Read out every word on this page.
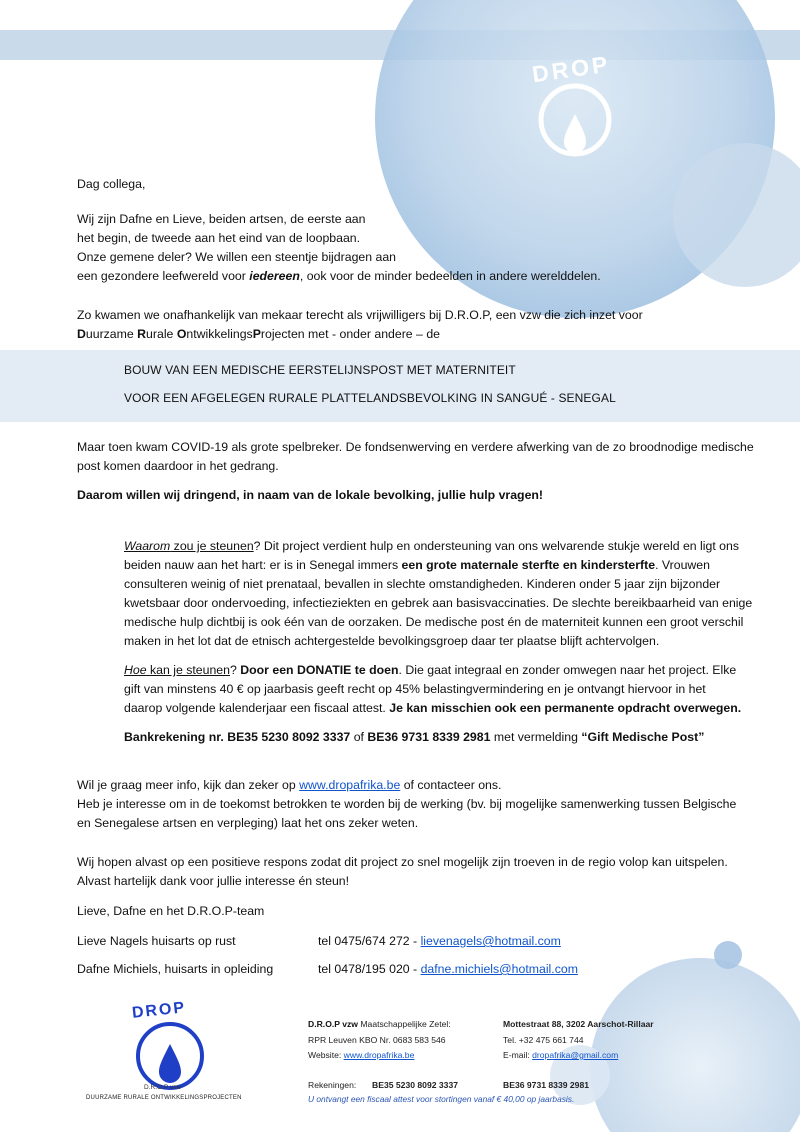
DROP
Dag collega,
Wij zijn Dafne en Lieve, beiden artsen, de eerste aan
het begin, de tweede aan het eind van de loopbaan.
Onze gemene deler? We willen een steentje bijdragen aan
een gezondere leefwereld voor iedereen, ook voor de minder bedeelden in andere werelddelen.
Zo kwamen we onafhankelijk van mekaar terecht als vrijwilligers bij D.R.O.P, een vzw die zich inzet voor
Duurzame Rurale OntwikkelingsProjecten met - onder andere – de
BOUW VAN EEN MEDISCHE EERSTELIJNSPOST MET MATERNITEIT
VOOR EEN AFGELEGEN RURALE PLATTELANDSBEVOLKING IN SANGUÉ - SENEGAL
Maar toen kwam COVID-19 als grote spelbreker. De fondsenwerving en verdere afwerking van de zo broodnodige medische
post komen daardoor in het gedrang.
Daarom willen wij dringend, in naam van de lokale bevolking, jullie hulp vragen!
Waarom zou je steunen? Dit project verdient hulp en ondersteuning van ons welvarende stukje wereld en ligt ons
beiden nauw aan het hart: er is in Senegal immers een grote maternale sterfte en kindersterfte. Vrouwen
consulteren weinig of niet prenataal, bevallen in slechte omstandigheden. Kinderen onder 5 jaar zijn bijzonder
kwetsbaar door ondervoeding, infectieziekten en gebrek aan basisvaccinaties. De slechte bereikbaarheid van enige
medische hulp dichtbij is ook één van de oorzaken. De medische post én de materniteit kunnen een groot verschil
maken in het lot dat de etnisch achtergestelde bevolkingsgroep daar ter plaatse blijft achtervolgen.
Hoe kan je steunen? Door een DONATIE te doen. Die gaat integraal en zonder omwegen naar het project. Elke
gift van minstens 40 € op jaarbasis geeft recht op 45% belastingvermindering en je ontvangt hiervoor in het
daarop volgende kalenderjaar een fiscaal attest. Je kan misschien ook een permanente opdracht overwegen.
Bankrekening nr. BE35 5230 8092 3337 of BE36 9731 8339 2981 met vermelding “Gift Medische Post”
Wil je graag meer info, kijk dan zeker op www.dropafrika.be of contacteer ons.
Heb je interesse om in de toekomst betrokken te worden bij de werking (bv. bij mogelijke samenwerking tussen Belgische
en Senegalese artsen en verpleging) laat het ons zeker weten.
Wij hopen alvast op een positieve respons zodat dit project zo snel mogelijk zijn troeven in de regio volop kan uitspelen.
Alvast hartelijk dank voor jullie interesse én steun!
Lieve, Dafne en het D.R.O.P-team
Lieve Nagels huisarts op rust	tel 0475/674 272 - lievenagels@hotmail.com
Dafne Michiels, huisarts in opleiding	tel 0478/195 020 - dafne.michiels@hotmail.com
DROP
D.R.O.P vzw
DUURZAME RURALE ONTWIKKELINGSPROJECTEN
D.R.O.P vzw Maatschappelijke Zetel:	Mottestraat 88, 3202 Aarschot-Rillaar
RPR Leuven KBO Nr. 0683 583 546	Tel. +32 475 661 744
Website: www.dropafrika.be	E-mail: dropafrika@gmail.com
Rekeningen: BE35 5230 8092 3337	BE36 9731 8339 2981
U ontvangt een fiscaal attest voor stortingen vanaf € 40,00 op jaarbasis.
